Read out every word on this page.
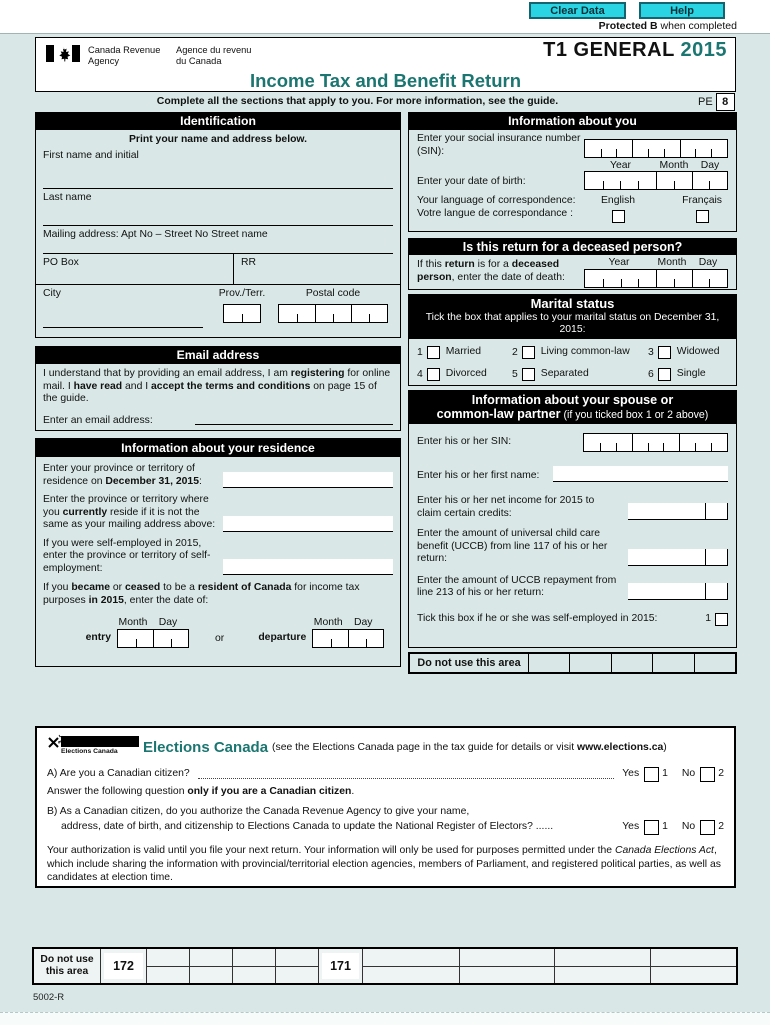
Clear Data	Help
Protected B when completed
Canada Revenue
Agency
Agence du revenu
du Canada	T1 GENERAL 2015
Income Tax and Benefit Return
Complete all the sections that apply to you. For more information, see the guide.	PE 8
Identification
Print your name and address below.
First name and initial
Last name
Mailing address: Apt No – Street No Street name
PO Box	RR
City	Prov./Terr.	Postal code
Email address
I understand that by providing an email address, I am registering for online mail. I have read and I accept the terms and conditions on page 15 of the guide.
Enter an email address:
Information about your residence
Enter your province or territory of residence on December 31, 2015:
Enter the province or territory where you currently reside if it is not the same as your mailing address above:
If you were self-employed in 2015, enter the province or territory of self-employment:
If you became or ceased to be a resident of Canada for income tax purposes in 2015, enter the date of:
Month	Day
entry	or
Month	Day
departure
Information about you
Enter your social insurance number (SIN):
Year	Month	Day
Enter your date of birth:
Your language of correspondence:
Votre langue de correspondance :
English	Français
Is this return for a deceased person?
If this return is for a deceased person, enter the date of death:
Year	Month	Day
Marital status
Tick the box that applies to your marital status on December 31, 2015:
1 Married	2 Living common-law 3 Widowed
4 Divorced 5 Separated	6 Single
Information about your spouse or
common-law partner (if you ticked box 1 or 2 above)
Enter his or her SIN:
Enter his or her first name:
Enter his or her net income for 2015 to claim certain credits:
Enter the amount of universal child care benefit (UCCB) from line 117 of his or her return:
Enter the amount of UCCB repayment from line 213 of his or her return:
Tick this box if he or she was self-employed in 2015:	1
Do not use this area
Elections Canada Elections Canada (see the Elections Canada page in the tax guide for details or visit www.elections.ca)
A) Are you a Canadian citizen?	Yes 1 No 2
Answer the following question only if you are a Canadian citizen.
B) As a Canadian citizen, do you authorize the Canada Revenue Agency to give your name,
address, date of birth, and citizenship to Elections Canada to update the National Register of Electors? ......	Yes 1 No 2
Your authorization is valid until you file your next return. Your information will only be used for purposes permitted under the Canada Elections Act, which include sharing the information with provincial/territorial election agencies, members of Parliament, and registered political parties, as well as candidates at election time.
Do not use
this area	172	171
5002-R
